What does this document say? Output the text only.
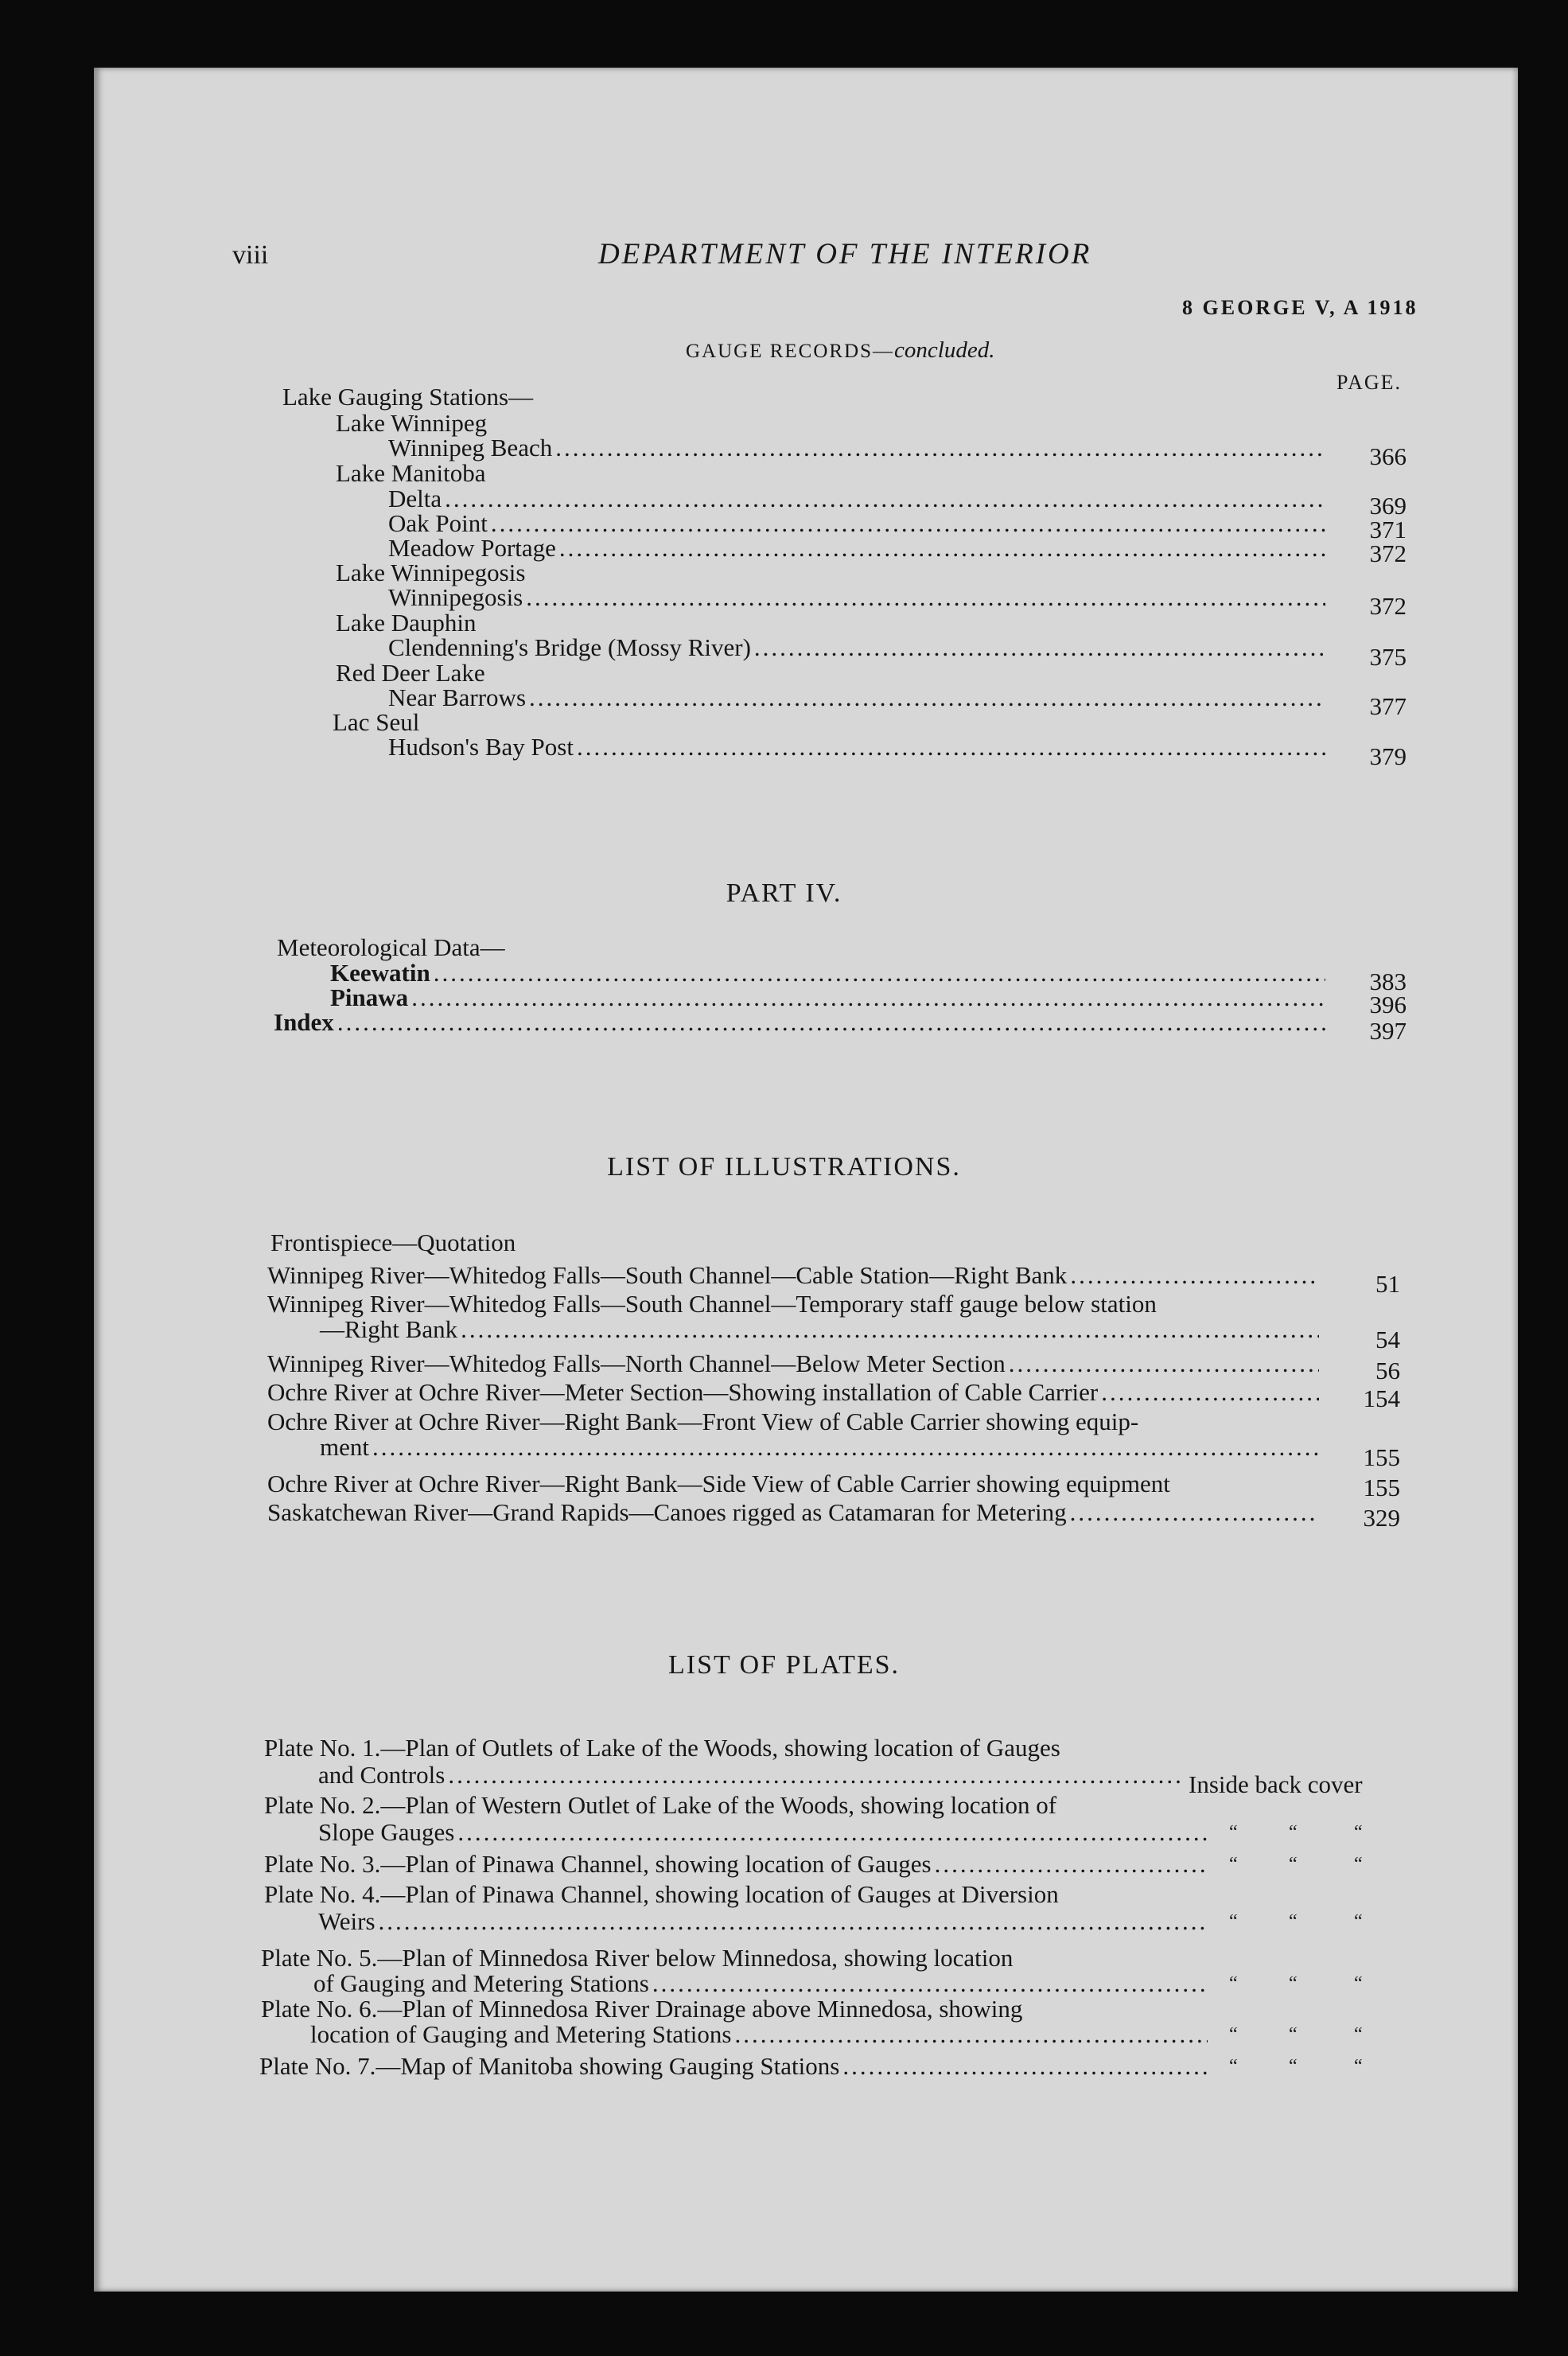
viii	DEPARTMENT OF THE INTERIOR
8 GEORGE V, A 1918
GAUGE RECORDS—concluded.
PAGE.
Lake Gauging Stations—
Lake Winnipeg
Winnipeg Beach .....	366
Lake Manitoba
Delta .....	369
Oak Point .....	371
Meadow Portage .....	372
Lake Winnipegosis
Winnipegosis .....	372
Lake Dauphin
Clendenning's Bridge (Mossy River) .....	375
Red Deer Lake
Near Barrows .....	377
Lac Seul
Hudson's Bay Post .....	379
PART IV.
Meteorological Data—
Keewatin .....	383
Pinawa .....	396
Index .....	397
LIST OF ILLUSTRATIONS.
Frontispiece—Quotation
Winnipeg River—Whitedog Falls—South Channel—Cable Station—Right Bank .....	51
Winnipeg River—Whitedog Falls—South Channel—Temporary staff gauge below station
—Right Bank .....	54
Winnipeg River—Whitedog Falls—North Channel—Below Meter Section .....	56
Ochre River at Ochre River—Meter Section—Showing installation of Cable Carrier .....	154
Ochre River at Ochre River—Right Bank—Front View of Cable Carrier showing equip-
ment .....	155
Ochre River at Ochre River—Right Bank—Side View of Cable Carrier showing equipment	155
Saskatchewan River—Grand Rapids—Canoes rigged as Catamaran for Metering .....	329
LIST OF PLATES.
Plate No. 1.—Plan of Outlets of Lake of the Woods, showing location of Gauges
and Controls .....	Inside back cover
Plate No. 2.—Plan of Western Outlet of Lake of the Woods, showing location of
Slope Gauges .....	“	“	“
Plate No. 3.—Plan of Pinawa Channel, showing location of Gauges .....	“	“	“
Plate No. 4.—Plan of Pinawa Channel, showing location of Gauges at Diversion
Weirs .....	“	“	“
Plate No. 5.—Plan of Minnedosa River below Minnedosa, showing location
of Gauging and Metering Stations .....	“	“	“
Plate No. 6.—Plan of Minnedosa River Drainage above Minnedosa, showing
location of Gauging and Metering Stations .....	“	“	“
Plate No. 7.—Map of Manitoba showing Gauging Stations .....	“	“	“
